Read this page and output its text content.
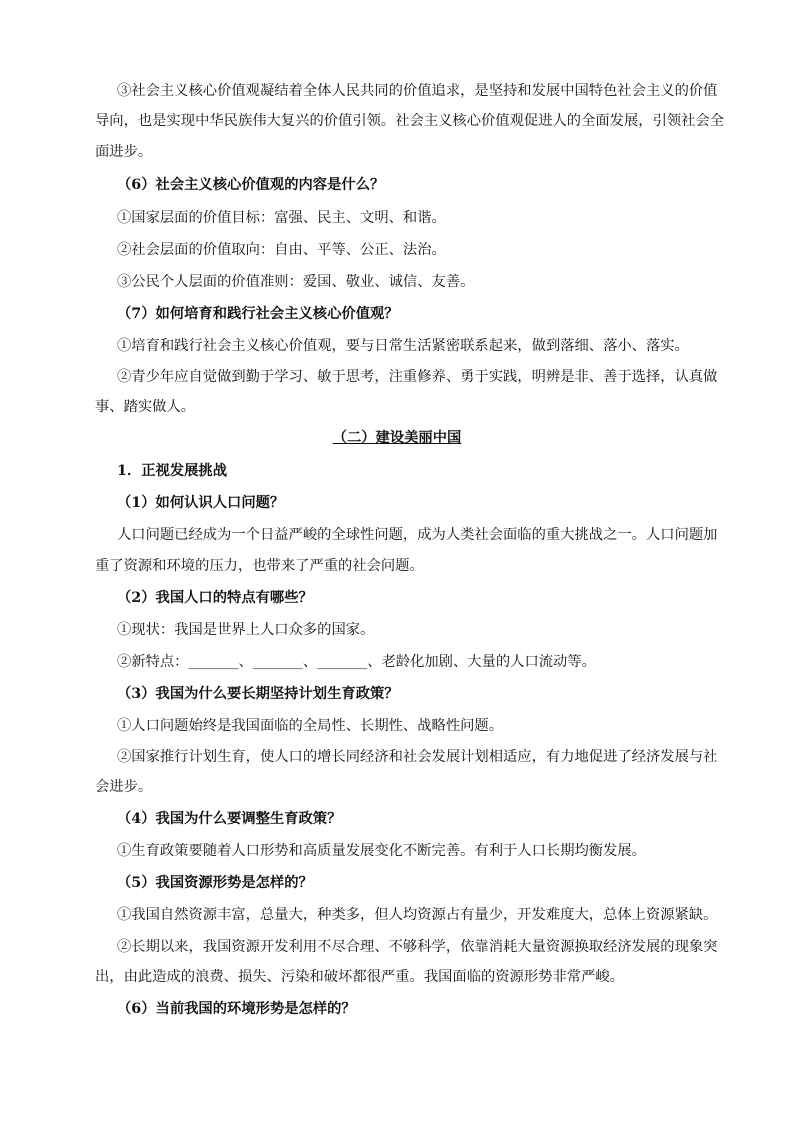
③社会主义核心价值观凝结着全体人民共同的价值追求，是坚持和发展中国特色社会主义的价值
导向，也是实现中华民族伟大复兴的价值引领。社会主义核心价值观促进人的全面发展，引领社会全
面进步。
（6）社会主义核心价值观的内容是什么？
①国家层面的价值目标：富强、民主、文明、和谐。
②社会层面的价值取向：自由、平等、公正、法治。
③公民个人层面的价值准则：爱国、敬业、诚信、友善。
（7）如何培育和践行社会主义核心价值观？
①培育和践行社会主义核心价值观，要与日常生活紧密联系起来，做到落细、落小、落实。
②青少年应自觉做到勤于学习、敏于思考，注重修养、勇于实践，明辨是非、善于选择，认真做
事、踏实做人。
（二）建设美丽中国
1．正视发展挑战
（1）如何认识人口问题？
人口问题已经成为一个日益严峻的全球性问题，成为人类社会面临的重大挑战之一。人口问题加
重了资源和环境的压力，也带来了严重的社会问题。
（2）我国人口的特点有哪些？
①现状：我国是世界上人口众多的国家。
②新特点：_______、_______、_______、老龄化加剧、大量的人口流动等。
（3）我国为什么要长期坚持计划生育政策？
①人口问题始终是我国面临的全局性、长期性、战略性问题。
②国家推行计划生育，使人口的增长同经济和社会发展计划相适应，有力地促进了经济发展与社
会进步。
（4）我国为什么要调整生育政策？
①生育政策要随着人口形势和高质量发展变化不断完善。有利于人口长期均衡发展。
（5）我国资源形势是怎样的？
①我国自然资源丰富，总量大，种类多，但人均资源占有量少，开发难度大，总体上资源紧缺。
②长期以来，我国资源开发利用不尽合理、不够科学，依靠消耗大量资源换取经济发展的现象突
出，由此造成的浪费、损失、污染和破坏都很严重。我国面临的资源形势非常严峻。
（6）当前我国的环境形势是怎样的？
